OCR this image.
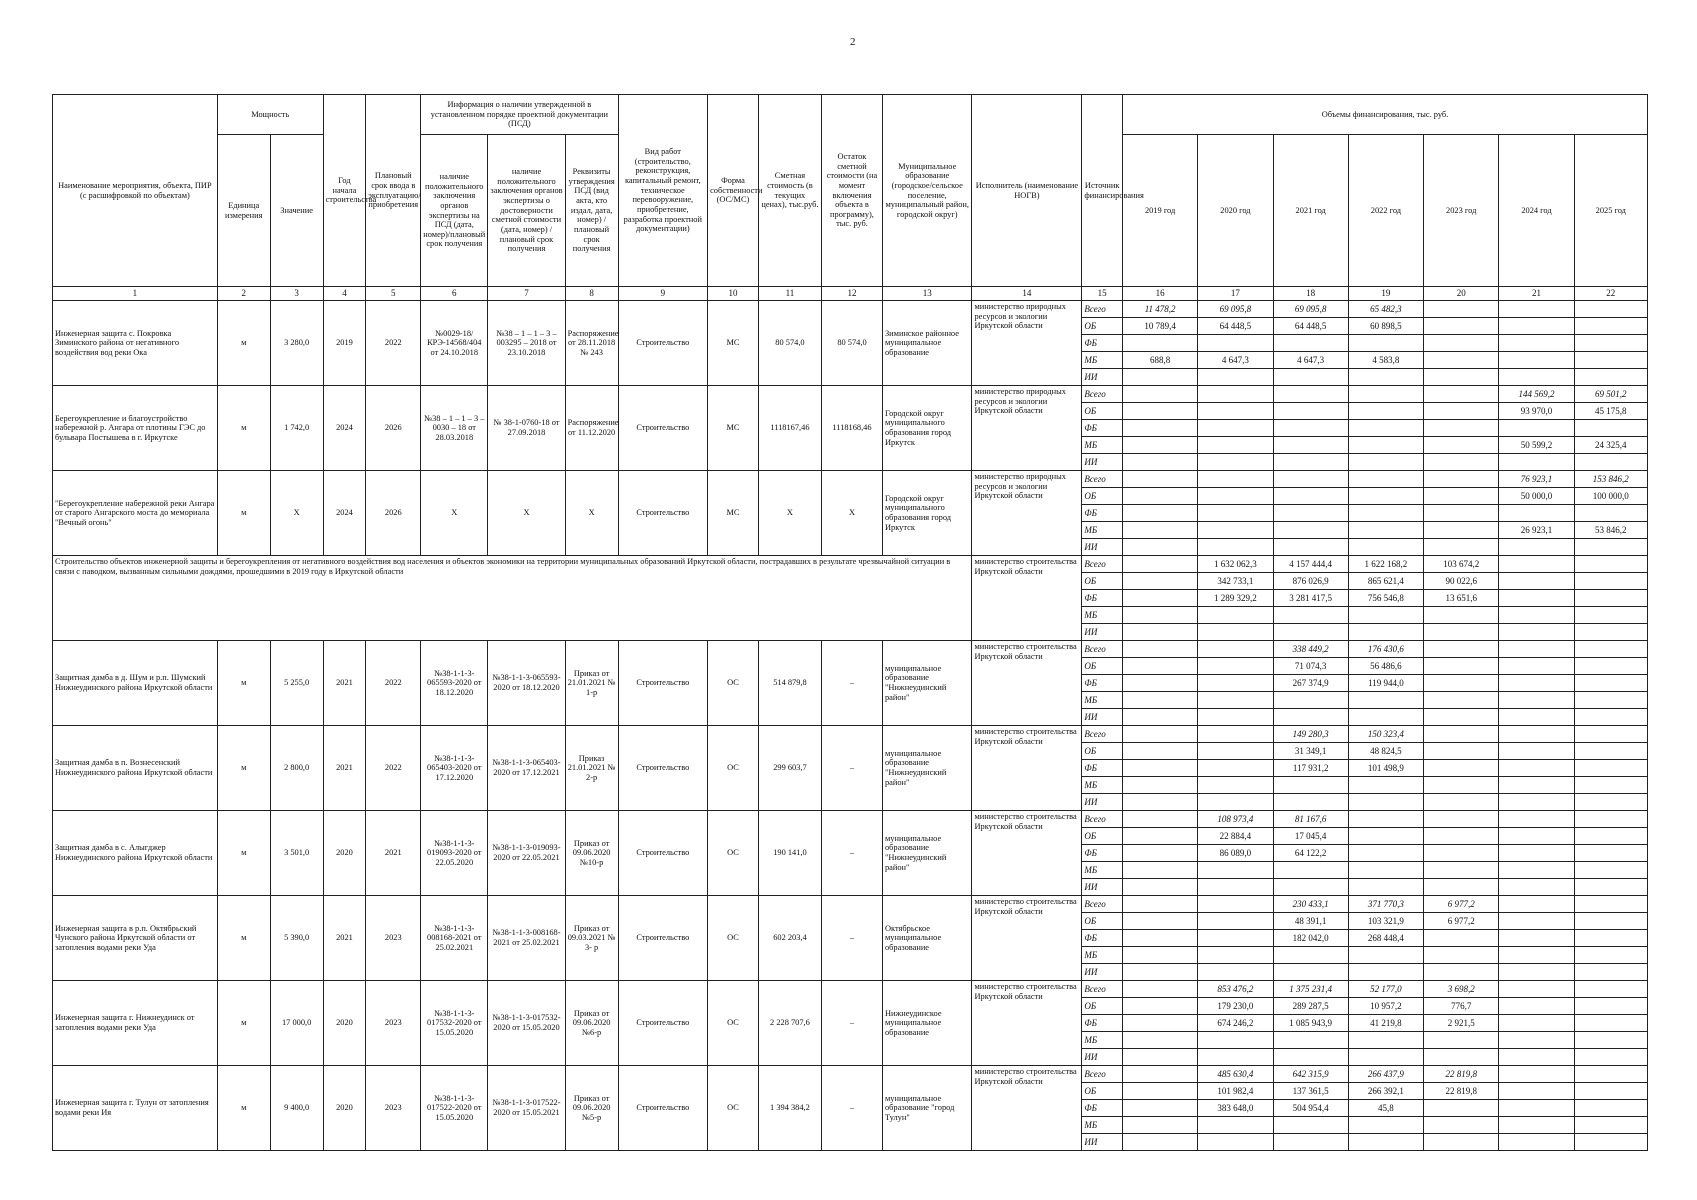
2
Наименование мероприятия, объекта, ПИР (с расшифровкой по объектам)	Мощность		Год начала строительства	Плановый срок ввода в эксплуатацию/приобретения	Информация о наличии утвержденной в установленном порядке проектной документации (ПСД)			Вид работ (строительство, реконструкция, капитальный ремонт, техническое перевооружение, приобретение, разработка проектной документации)	Форма собственности (ОС/МС)	Сметная стоимость (в текущих ценах), тыс.руб.	Остаток сметной стоимости (на момент включения объекта в программу), тыс. руб.	Муниципальное образование (городское/сельское поселение, муниципальный район, городской округ)	Исполнитель (наименование НОГВ)	Источник финансирования	Объемы финансирования, тыс. руб.						
	Единица измерения	Значение			наличие положительного заключения органов экспертизы на ПСД (дата, номер)/плановый срок получения	наличие положительного заключения органов экспертизы о достоверности сметной стоимости (дата, номер) / плановый срок получения	Реквизиты утверждения ПСД (вид акта, кто издал, дата, номер) / плановый срок получения								2019 год	2020 год	2021 год	2022 год	2023 год	2024 год	2025 год
1	2	3	4	5	6	7	8	9	10	11	12	13	14	15	16	17	18	19	20	21	22
Инженерная защита с. Покровка Зиминского района от негативного воздействия вод реки Ока	м	3 280,0	2019	2022	№0029-18/КРЭ-14568/404 от 24.10.2018	№38 – 1 – 1 – 3 – 003295 – 2018 от 23.10.2018	Распоряжение от 28.11.2018 № 243	Строительство	МС	80 574,0	80 574,0	Зиминское районное муниципальное образование	министерство природных ресурсов и экологии Иркутской области	Всего	11 478,2	69 095,8	69 095,8	65 482,3			
														ОБ	10 789,4	64 448,5	64 448,5	60 898,5			
														ФБ							
														МБ	688,8	4 647,3	4 647,3	4 583,8			
														ИИ							
Берегоукрепление и благоустройство набережной р. Ангара от плотины ГЭС до бульвара Постышева в г. Иркутске	м	1 742,0	2024	2026	№38 – 1 – 1 – 3 – 0030 – 18 от 28.03.2018	№ 38-1-0760-18 от 27.09.2018	Распоряжение от 11.12.2020	Строительство	МС	1118167,46	1118168,46	Городской округ муниципального образования город Иркутск	министерство природных ресурсов и экологии Иркутской области	Всего						144 569,2	69 501,2
														ОБ						93 970,0	45 175,8
														ФБ							
														МБ						50 599,2	24 325,4
														ИИ							
"Берегоукрепление набережной реки Ангара от старого Ангарского моста до мемориала "Вечный огонь"	м	Х	2024	2026	Х	Х	Х	Строительство	МС	Х	Х	Городской округ муниципального образования город Иркутск	министерство природных ресурсов и экологии Иркутской области	Всего						76 923,1	153 846,2
														ОБ						50 000,0	100 000,0
														ФБ							
														МБ						26 923,1	53 846,2
														ИИ							
Строительство объектов инженерной защиты и берегоукрепления от негативного воздействия вод населения и объектов экономики на территории муниципальных образований Иркутской области, пострадавших в результате чрезвычайной ситуации в связи с паводком, вызванным сильными дождями, прошедшими в 2019 году в Иркутской области													министерство строительства Иркутской области	Всего		1 632 062,3	4 157 444,4	1 622 168,2	103 674,2		
														ОБ		342 733,1	876 026,9	865 621,4	90 022,6		
														ФБ		1 289 329,2	3 281 417,5	756 546,8	13 651,6		
														МБ							
														ИИ							
Защитная дамба в д. Шум и р.п. Шумский Нижнеудинского района Иркутской области	м	5 255,0	2021	2022	№38-1-1-3-065593-2020 от 18.12.2020	№38-1-1-3-065593-2020 от 18.12.2020	Приказ от 21.01.2021 № 1-р	Строительство	ОС	514 879,8	–	муниципальное образование "Нижнеудинский район"	министерство строительства Иркутской области	Всего			338 449,2	176 430,6			
														ОБ			71 074,3	56 486,6			
														ФБ			267 374,9	119 944,0			
														МБ							
														ИИ							
Защитная дамба в п. Вознесенский Нижнеудинского района Иркутской области	м	2 800,0	2021	2022	№38-1-1-3-065403-2020 от 17.12.2020	№38-1-1-3-065403-2020 от 17.12.2021	Приказ 21.01.2021 № 2-р	Строительство	ОС	299 603,7	–	муниципальное образование "Нижнеудинский район"	министерство строительства Иркутской области	Всего			149 280,3	150 323,4			
														ОБ			31 349,1	48 824,5			
														ФБ			117 931,2	101 498,9			
														МБ							
														ИИ							
Защитная дамба в с. Алыгджер Нижнеудинского района Иркутской области	м	3 501,0	2020	2021	№38-1-1-3-019093-2020 от 22.05.2020	№38-1-1-3-019093-2020 от 22.05.2021	Приказ от 09.06.2020 №10-р	Строительство	ОС	190 141,0	–	муниципальное образование "Нижнеудинский район"	министерство строительства Иркутской области	Всего		108 973,4	81 167,6				
														ОБ		22 884,4	17 045,4				
														ФБ		86 089,0	64 122,2				
														МБ							
														ИИ							
Инженерная защита в р.п. Октябрьский Чунского района Иркутской области от затопления водами реки Уда	м	5 390,0	2021	2023	№38-1-1-3-008168-2021 от 25.02.2021	№38-1-1-3-008168-2021 от 25.02.2021	Приказ от 09.03.2021 № 3- р	Строительство	ОС	602 203,4	–	Октябрьское муниципальное образование	министерство строительства Иркутской области	Всего			230 433,1	371 770,3	6 977,2		
														ОБ			48 391,1	103 321,9	6 977,2		
														ФБ			182 042,0	268 448,4			
														МБ							
														ИИ							
Инженерная защита г. Нижнеудинск от затопления водами реки Уда	м	17 000,0	2020	2023	№38-1-1-3-017532-2020 от 15.05.2020	№38-1-1-3-017532-2020 от 15.05.2020	Приказ от 09.06.2020 №6-р	Строительство	ОС	2 228 707,6	–	Нижнеудинское муниципальное образование	министерство строительства Иркутской области	Всего		853 476,2	1 375 231,4	52 177,0	3 698,2		
														ОБ		179 230,0	289 287,5	10 957,2	776,7		
														ФБ		674 246,2	1 085 943,9	41 219,8	2 921,5		
														МБ							
														ИИ							
Инженерная защита г. Тулун от затопления водами реки Ия	м	9 400,0	2020	2023	№38-1-1-3-017522-2020 от 15.05.2020	№38-1-1-3-017522-2020 от 15.05.2021	Приказ от 09.06.2020 №5-р	Строительство	ОС	1 394 384,2	–	муниципальное образование "город Тулун"	министерство строительства Иркутской области	Всего		485 630,4	642 315,9	266 437,9	22 819,8		
														ОБ		101 982,4	137 361,5	266 392,1	22 819,8		
														ФБ		383 648,0	504 954,4	45,8			
														МБ							
														ИИ							
